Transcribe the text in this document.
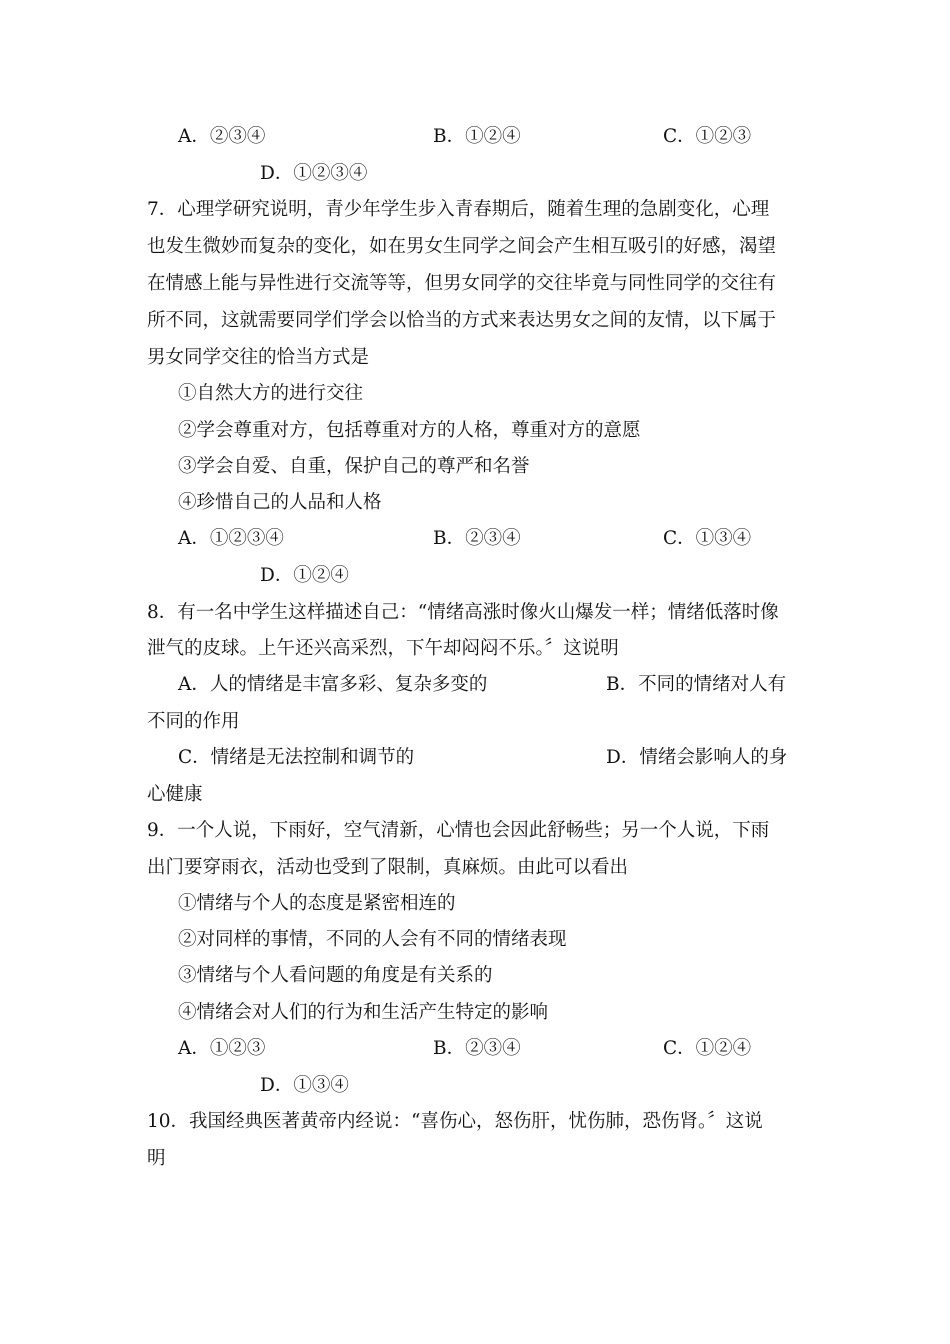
A．②③④	B．①②④	C．①②③
D．①②③④
7．心理学研究说明，青少年学生步入青春期后，随着生理的急剧变化，心理
也发生微妙而复杂的变化，如在男女生同学之间会产生相互吸引的好感，渴望
在情感上能与异性进行交流等等，但男女同学的交往毕竟与同性同学的交往有
所不同，这就需要同学们学会以恰当的方式来表达男女之间的友情，以下属于
男女同学交往的恰当方式是
①自然大方的进行交往
②学会尊重对方，包括尊重对方的人格，尊重对方的意愿
③学会自爱、自重，保护自己的尊严和名誉
④珍惜自己的人品和人格
A．①②③④	B．②③④	C．①③④
D．①②④
8．有一名中学生这样描述自己：“情绪高涨时像火山爆发一样；情绪低落时像
泄气的皮球。上午还兴高采烈，下午却闷闷不乐。〞这说明
A．人的情绪是丰富多彩、复杂多变的	B．不同的情绪对人有
不同的作用
C．情绪是无法控制和调节的	D．情绪会影响人的身
心健康
9．一个人说，下雨好，空气清新，心情也会因此舒畅些；另一个人说，下雨
出门要穿雨衣，活动也受到了限制，真麻烦。由此可以看出
①情绪与个人的态度是紧密相连的
②对同样的事情，不同的人会有不同的情绪表现
③情绪与个人看问题的角度是有关系的
④情绪会对人们的行为和生活产生特定的影响
A．①②③	B．②③④	C．①②④
D．①③④
10．我国经典医著黄帝内经说：“喜伤心，怒伤肝，忧伤肺，恐伤肾。〞这说
明
